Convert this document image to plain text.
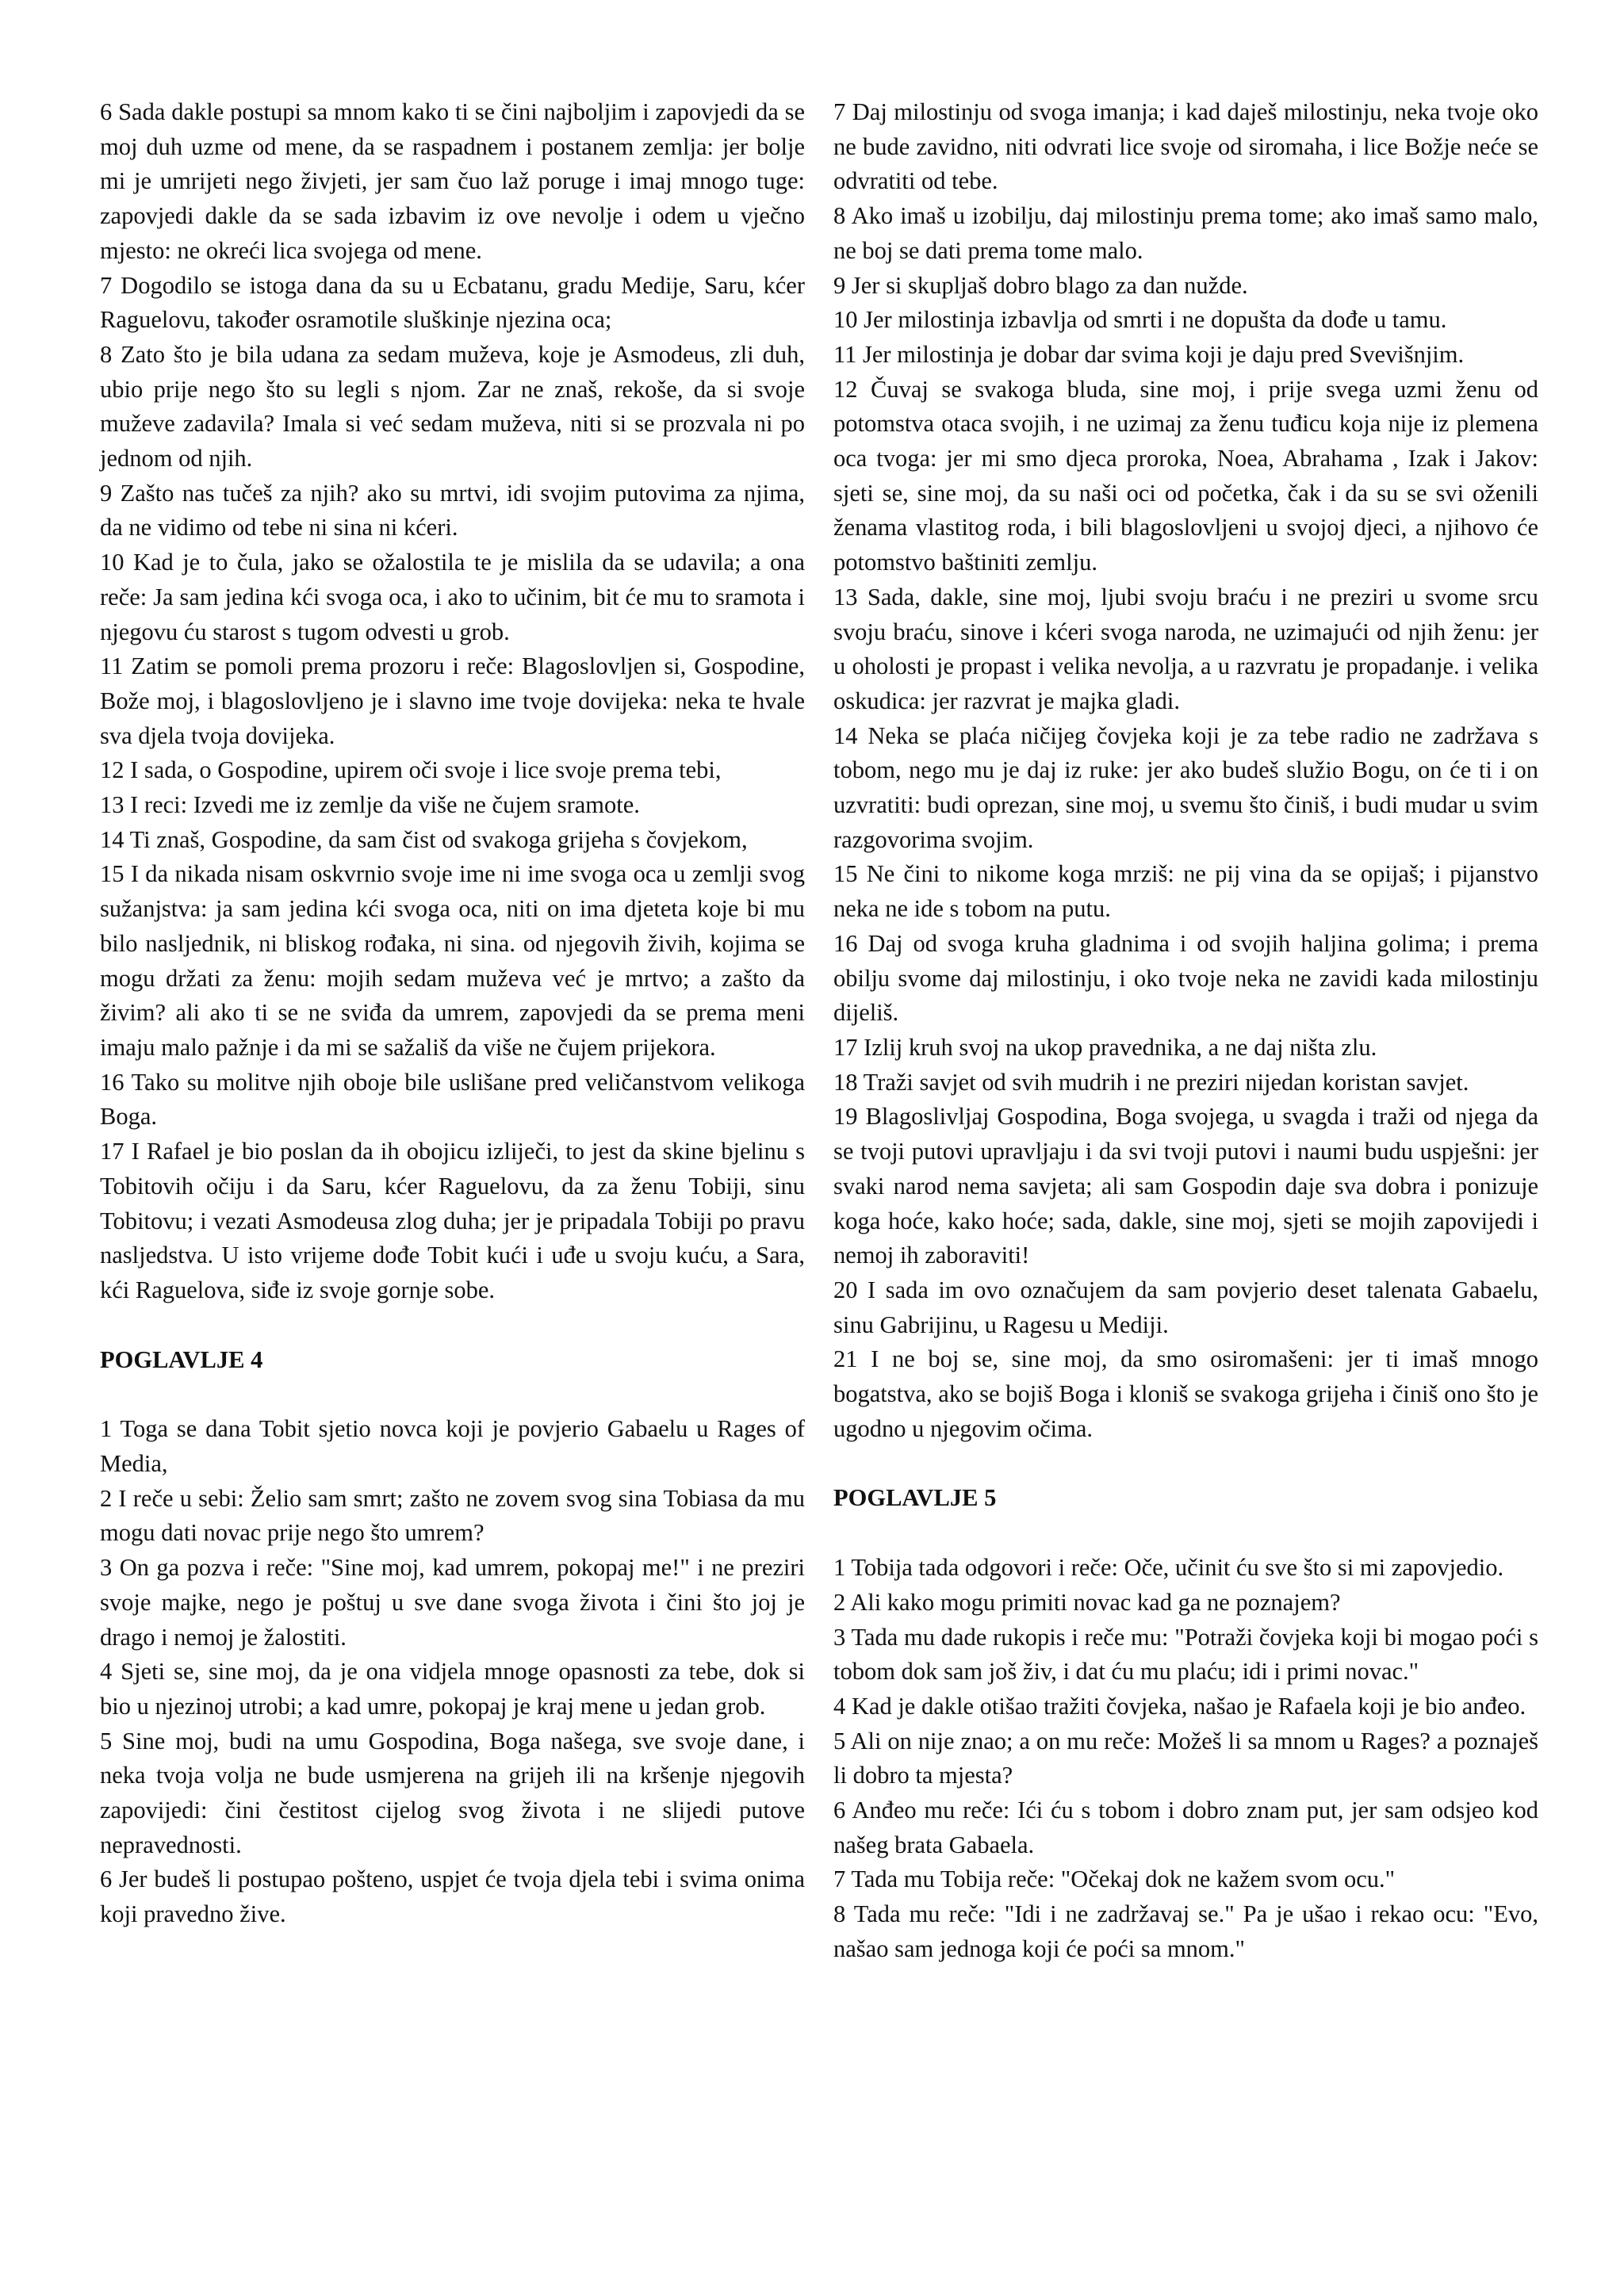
6 Sada dakle postupi sa mnom kako ti se čini najboljim i zapovjedi da se moj duh uzme od mene, da se raspadnem i postanem zemlja: jer bolje mi je umrijeti nego živjeti, jer sam čuo laž poruge i imaj mnogo tuge: zapovjedi dakle da se sada izbavim iz ove nevolje i odem u vječno mjesto: ne okreći lica svojega od mene.

7 Dogodilo se istoga dana da su u Ecbatanu, gradu Medije, Saru, kćer Raguelovu, također osramotile sluškinje njezina oca;

8 Zato što je bila udana za sedam muževa, koje je Asmodeus, zli duh, ubio prije nego što su legli s njom. Zar ne znaš, rekoše, da si svoje muževe zadavila? Imala si već sedam muževa, niti si se prozvala ni po jednom od njih.

9 Zašto nas tučeš za njih? ako su mrtvi, idi svojim putovima za njima, da ne vidimo od tebe ni sina ni kćeri.

10 Kad je to čula, jako se ožalostila te je mislila da se udavila; a ona reče: Ja sam jedina kći svoga oca, i ako to učinim, bit će mu to sramota i njegovu ću starost s tugom odvesti u grob.

11 Zatim se pomoli prema prozoru i reče: Blagoslovljen si, Gospodine, Bože moj, i blagoslovljeno je i slavno ime tvoje dovijeka: neka te hvale sva djela tvoja dovijeka.

12 I sada, o Gospodine, upirem oči svoje i lice svoje prema tebi,

13 I reci: Izvedi me iz zemlje da više ne čujem sramote.

14 Ti znaš, Gospodine, da sam čist od svakoga grijeha s čovjekom,

15 I da nikada nisam oskvrnio svoje ime ni ime svoga oca u zemlji svog sužanjstva: ja sam jedina kći svoga oca, niti on ima djeteta koje bi mu bilo nasljednik, ni bliskog rođaka, ni sina. od njegovih živih, kojima se mogu držati za ženu: mojih sedam muževa već je mrtvo; a zašto da živim? ali ako ti se ne sviđa da umrem, zapovjedi da se prema meni imaju malo pažnje i da mi se sažališ da više ne čujem prijekora.

16 Tako su molitve njih oboje bile uslišane pred veličanstvom velikoga Boga.

17 I Rafael je bio poslan da ih obojicu izliječi, to jest da skine bjelinu s Tobitovih očiju i da Saru, kćer Raguelovu, da za ženu Tobiji, sinu Tobitovu; i vezati Asmodeusa zlog duha; jer je pripadala Tobiji po pravu nasljedstva. U isto vrijeme dođe Tobit kući i uđe u svoju kuću, a Sara, kći Raguelova, siđe iz svoje gornje sobe.

POGLAVLJE 4

1 Toga se dana Tobit sjetio novca koji je povjerio Gabaelu u Rages of Media,

2 I reče u sebi: Želio sam smrt; zašto ne zovem svog sina Tobiasa da mu mogu dati novac prije nego što umrem?

3 On ga pozva i reče: "Sine moj, kad umrem, pokopaj me!" i ne preziri svoje majke, nego je poštuj u sve dane svoga života i čini što joj je drago i nemoj je žalostiti.

4 Sjeti se, sine moj, da je ona vidjela mnoge opasnosti za tebe, dok si bio u njezinoj utrobi; a kad umre, pokopaj je kraj mene u jedan grob.

5 Sine moj, budi na umu Gospodina, Boga našega, sve svoje dane, i neka tvoja volja ne bude usmjerena na grijeh ili na kršenje njegovih zapovijedi: čini čestitost cijelog svog života i ne slijedi putove nepravednosti.

6 Jer budeš li postupao pošteno, uspjet će tvoja djela tebi i svima onima koji pravedno žive.

7 Daj milostinju od svoga imanja; i kad daješ milostinju, neka tvoje oko ne bude zavidno, niti odvrati lice svoje od siromaha, i lice Božje neće se odvratiti od tebe.

8 Ako imaš u izobilju, daj milostinju prema tome; ako imaš samo malo, ne boj se dati prema tome malo.

9 Jer si skupljaš dobro blago za dan nužde.

10 Jer milostinja izbavlja od smrti i ne dopušta da dođe u tamu.

11 Jer milostinja je dobar dar svima koji je daju pred Svevišnjim.

12 Čuvaj se svakoga bluda, sine moj, i prije svega uzmi ženu od potomstva otaca svojih, i ne uzimaj za ženu tuđicu koja nije iz plemena oca tvoga: jer mi smo djeca proroka, Noea, Abrahama , Izak i Jakov: sjeti se, sine moj, da su naši oci od početka, čak i da su se svi oženili ženama vlastitog roda, i bili blagoslovljeni u svojoj djeci, a njihovo će potomstvo baštiniti zemlju.

13 Sada, dakle, sine moj, ljubi svoju braću i ne preziri u svome srcu svoju braću, sinove i kćeri svoga naroda, ne uzimajući od njih ženu: jer u oholosti je propast i velika nevolja, a u razvratu je propadanje. i velika oskudica: jer razvrat je majka gladi.

14 Neka se plaća ničijeg čovjeka koji je za tebe radio ne zadržava s tobom, nego mu je daj iz ruke: jer ako budeš služio Bogu, on će ti i on uzvratiti: budi oprezan, sine moj, u svemu što činiš, i budi mudar u svim razgovorima svojim.

15 Ne čini to nikome koga mrziš: ne pij vina da se opijaš; i pijanstvo neka ne ide s tobom na putu.

16 Daj od svoga kruha gladnima i od svojih haljina golima; i prema obilju svome daj milostinju, i oko tvoje neka ne zavidi kada milostinju dijeliš.

17 Izlij kruh svoj na ukop pravednika, a ne daj ništa zlu.

18 Traži savjet od svih mudrih i ne preziri nijedan koristan savjet.

19 Blagoslivljaj Gospodina, Boga svojega, u svagda i traži od njega da se tvoji putovi upravljaju i da svi tvoji putovi i naumi budu uspješni: jer svaki narod nema savjeta; ali sam Gospodin daje sva dobra i ponizuje koga hoće, kako hoće; sada, dakle, sine moj, sjeti se mojih zapovijedi i nemoj ih zaboraviti!

20 I sada im ovo označujem da sam povjerio deset talenata Gabaelu, sinu Gabrijinu, u Ragesu u Mediji.

21 I ne boj se, sine moj, da smo osiromašeni: jer ti imaš mnogo bogatstva, ako se bojiš Boga i kloniš se svakoga grijeha i činiš ono što je ugodno u njegovim očima.

POGLAVLJE 5

1 Tobija tada odgovori i reče: Oče, učinit ću sve što si mi zapovjedio.

2 Ali kako mogu primiti novac kad ga ne poznajem?

3 Tada mu dade rukopis i reče mu: "Potraži čovjeka koji bi mogao poći s tobom dok sam još živ, i dat ću mu plaću; idi i primi novac."

4 Kad je dakle otišao tražiti čovjeka, našao je Rafaela koji je bio anđeo.

5 Ali on nije znao; a on mu reče: Možeš li sa mnom u Rages? a poznaješ li dobro ta mjesta?

6 Anđeo mu reče: Ići ću s tobom i dobro znam put, jer sam odsjeo kod našeg brata Gabaela.

7 Tada mu Tobija reče: "Očekaj dok ne kažem svom ocu."

8 Tada mu reče: "Idi i ne zadržavaj se." Pa je ušao i rekao ocu: "Evo, našao sam jednoga koji će poći sa mnom."
